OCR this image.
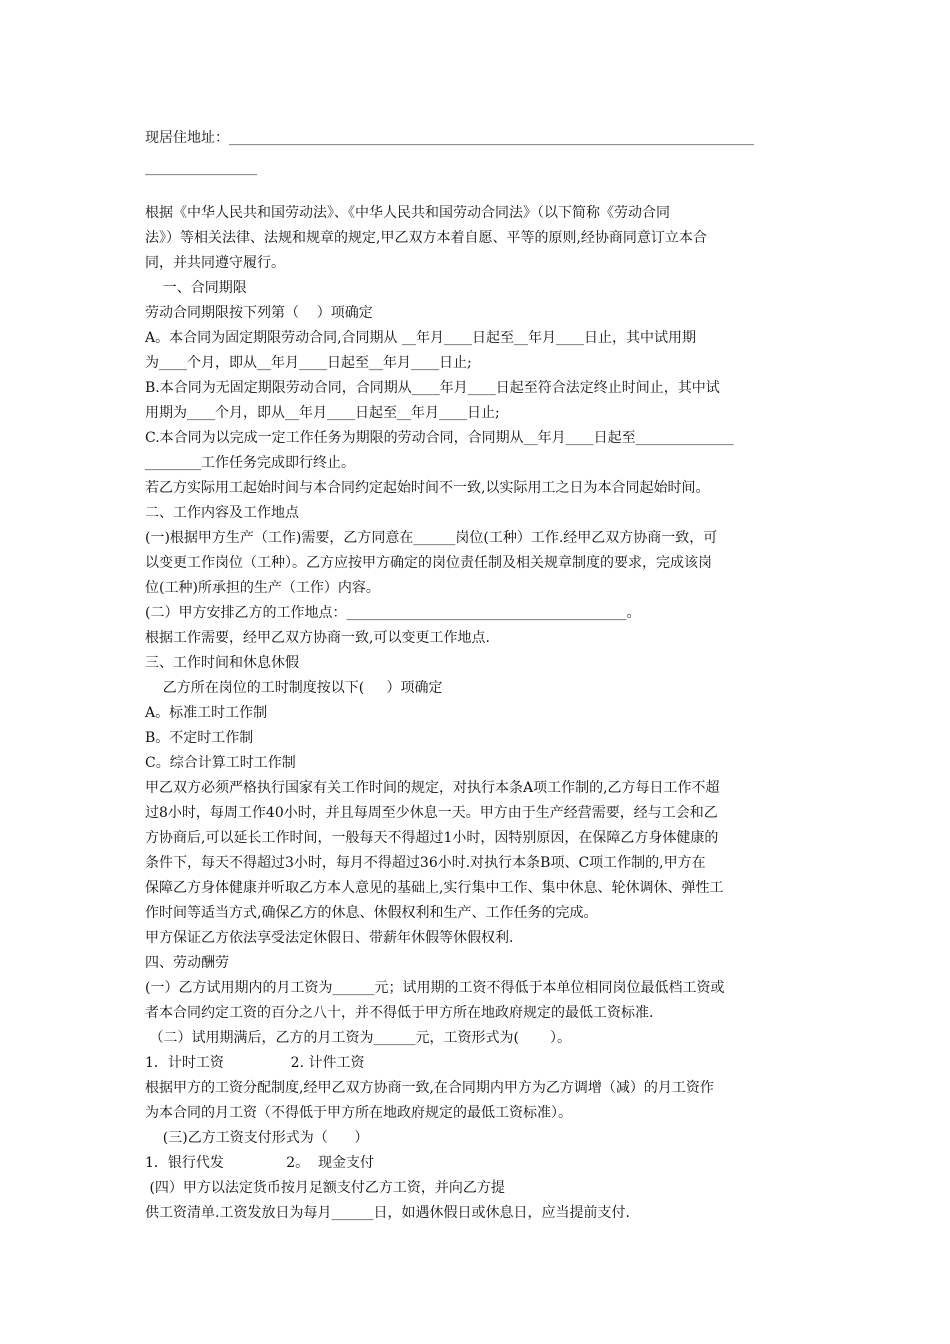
现居住地址：___________________________________________________________________________
________________
根据《中华人民共和国劳动法》、《中华人民共和国劳动合同法》（以下简称《劳动合同
法》）等相关法律、法规和规章的规定,甲乙双方本着自愿、平等的原则,经协商同意订立本合
同，并共同遵守履行。
一、合同期限
劳动合同期限按下列第（    ）项确定
A。本合同为固定期限劳动合同,合同期从 __年月____日起至__年月____日止，其中试用期
为____个月，即从__年月____日起至__年月____日止;
B.本合同为无固定期限劳动合同，合同期从____年月____日起至符合法定终止时间止，其中试
用期为____个月，即从__年月____日起至__年月____日止;
C.本合同为以完成一定工作任务为期限的劳动合同，合同期从__年月____日起至______________
________工作任务完成即行终止。
若乙方实际用工起始时间与本合同约定起始时间不一致,以实际用工之日为本合同起始时间。
二、工作内容及工作地点
(一)根据甲方生产（工作)需要，乙方同意在______岗位(工种）工作.经甲乙双方协商一致，可
以变更工作岗位（工种）。乙方应按甲方确定的岗位责任制及相关规章制度的要求，完成该岗
位(工种)所承担的生产（工作）内容。
(二）甲方安排乙方的工作地点：________________________________________。
根据工作需要，经甲乙双方协商一致,可以变更工作地点.
三、工作时间和休息休假
乙方所在岗位的工时制度按以下(     ）项确定
A。标准工时工作制
B。不定时工作制
C。综合计算工时工作制
甲乙双方必须严格执行国家有关工作时间的规定，对执行本条A项工作制的,乙方每日工作不超
过8小时，每周工作40小时，并且每周至少休息一天。甲方由于生产经营需要，经与工会和乙
方协商后,可以延长工作时间，一般每天不得超过1小时，因特别原因，在保障乙方身体健康的
条件下，每天不得超过3小时，每月不得超过36小时.对执行本条B项、C项工作制的,甲方在
保障乙方身体健康并听取乙方本人意见的基础上,实行集中工作、集中休息、轮休调休、弹性工
作时间等适当方式,确保乙方的休息、休假权利和生产、工作任务的完成。
甲方保证乙方依法享受法定休假日、带薪年休假等休假权利.
四、劳动酬劳
(一）乙方试用期内的月工资为______元；试用期的工资不得低于本单位相同岗位最低档工资或
者本合同约定工资的百分之八十，并不得低于甲方所在地政府规定的最低工资标准.
（二）试用期满后，乙方的月工资为______元，工资形式为(       ）。
1．计时工资               2. 计件工资
根据甲方的工资分配制度,经甲乙双方协商一致,在合同期内甲方为乙方调增（减）的月工资作
为本合同的月工资（不得低于甲方所在地政府规定的最低工资标准）。
(三)乙方工资支付形式为（      ）
1．银行代发              2。  现金支付
(四）甲方以法定货币按月足额支付乙方工资，并向乙方提
供工资清单.工资发放日为每月______日，如遇休假日或休息日，应当提前支付.
